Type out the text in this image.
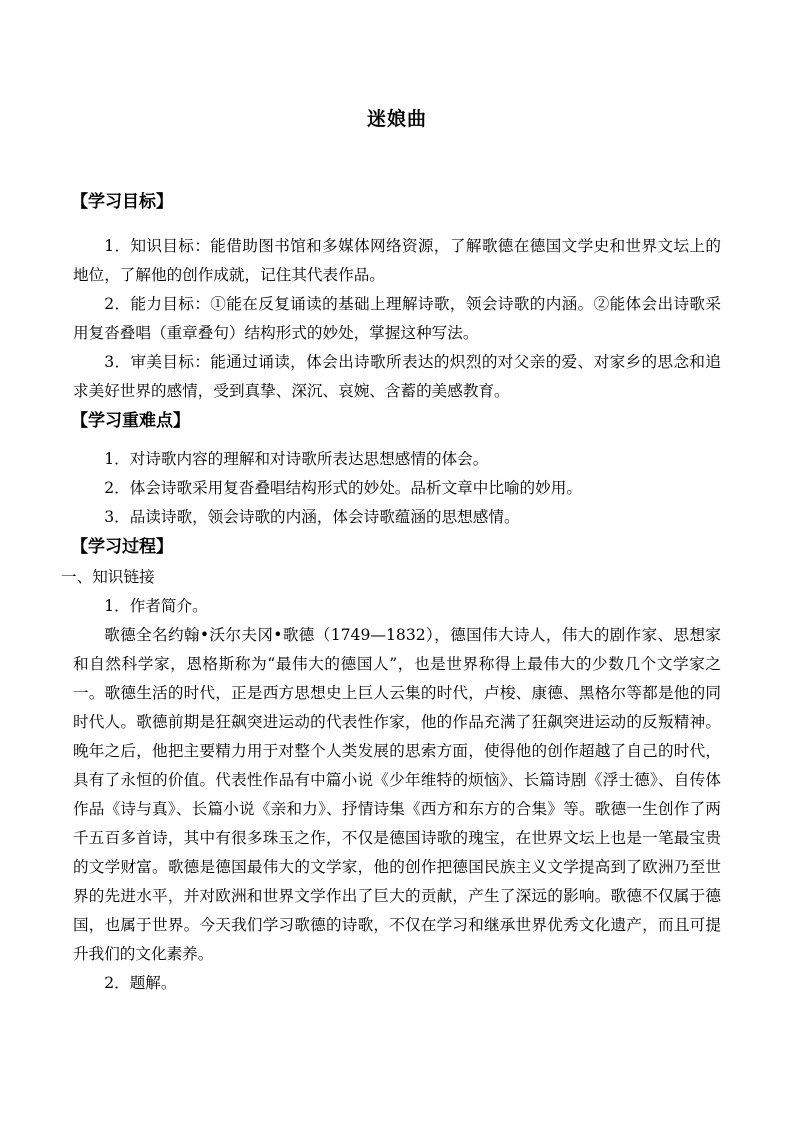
迷娘曲
【学习目标】

1．知识目标：能借助图书馆和多媒体网络资源，了解歌德在德国文学史和世界文坛上的地位，了解他的创作成就，记住其代表作品。

2．能力目标：①能在反复诵读的基础上理解诗歌，领会诗歌的内涵。②能体会出诗歌采用复沓叠唱（重章叠句）结构形式的妙处，掌握这种写法。

3．审美目标：能通过诵读，体会出诗歌所表达的炽烈的对父亲的爱、对家乡的思念和追求美好世界的感情，受到真挚、深沉、哀婉、含蓄的美感教育。

【学习重难点】

1．对诗歌内容的理解和对诗歌所表达思想感情的体会。

2．体会诗歌采用复沓叠唱结构形式的妙处。品析文章中比喻的妙用。

3．品读诗歌，领会诗歌的内涵，体会诗歌蕴涵的思想感情。

【学习过程】

一、知识链接

1．作者简介。

歌德全名约翰•沃尔夫冈•歌德（1749—1832），德国伟大诗人，伟大的剧作家、思想家和自然科学家，恩格斯称为“最伟大的德国人”，也是世界称得上最伟大的少数几个文学家之一。歌德生活的时代，正是西方思想史上巨人云集的时代，卢梭、康德、黑格尔等都是他的同时代人。歌德前期是狂飙突进运动的代表性作家，他的作品充满了狂飙突进运动的反叛精神。晚年之后，他把主要精力用于对整个人类发展的思索方面，使得他的创作超越了自己的时代，具有了永恒的价值。代表性作品有中篇小说《少年维特的烦恼》、长篇诗剧《浮士德》、自传体作品《诗与真》、长篇小说《亲和力》、抒情诗集《西方和东方的合集》等。歌德一生创作了两千五百多首诗，其中有很多珠玉之作，不仅是德国诗歌的瑰宝，在世界文坛上也是一笔最宝贵的文学财富。歌德是德国最伟大的文学家，他的创作把德国民族主义文学提高到了欧洲乃至世界的先进水平，并对欧洲和世界文学作出了巨大的贡献，产生了深远的影响。歌德不仅属于德国，也属于世界。今天我们学习歌德的诗歌，不仅在学习和继承世界优秀文化遗产，而且可提升我们的文化素养。

2．题解。
